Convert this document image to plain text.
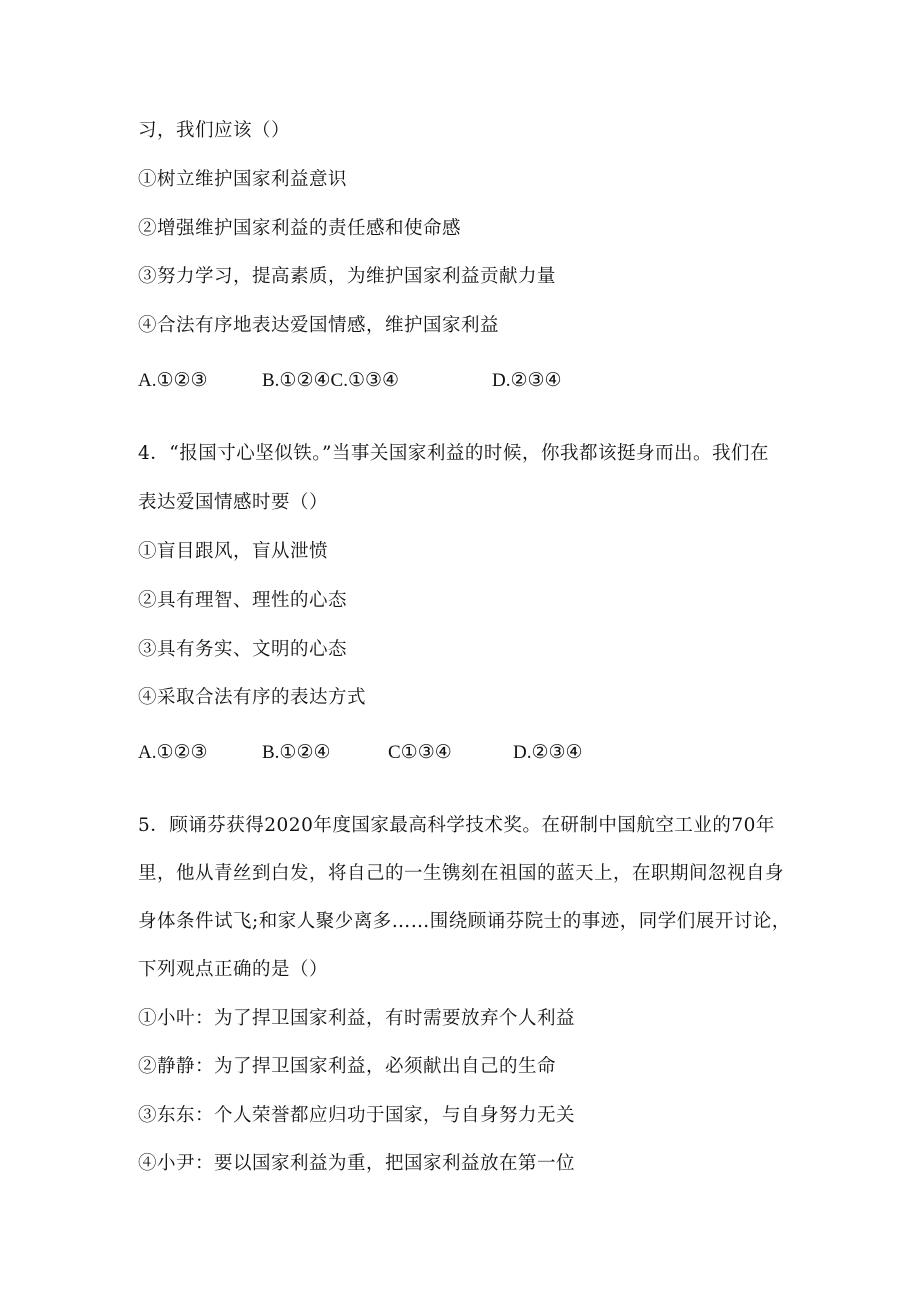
习，我们应该（）
①树立维护国家利益意识
②增强维护国家利益的责任感和使命感
③努力学习，提高素质，为维护国家利益贡献力量
④合法有序地表达爱国情感，维护国家利益
A.①②③	B.①②④C.①③④	D.②③④
4．“报国寸心坚似铁。”当事关国家利益的时候，你我都该挺身而出。我们在
表达爱国情感时要（）
①盲目跟风，盲从泄愤
②具有理智、理性的心态
③具有务实、文明的心态
④采取合法有序的表达方式
A.①②③	B.①②④	C①③④	D.②③④
5．顾诵芬获得2020年度国家最高科学技术奖。在研制中国航空工业的70年
里，他从青丝到白发，将自己的一生镌刻在祖国的蓝天上，在职期间忽视自身
身体条件试飞;和家人聚少离多……围绕顾诵芬院士的事迹，同学们展开讨论，
下列观点正确的是（）
①小叶：为了捍卫国家利益，有时需要放弃个人利益
②静静：为了捍卫国家利益，必须献出自己的生命
③东东：个人荣誉都应归功于国家，与自身努力无关
④小尹：要以国家利益为重，把国家利益放在第一位
